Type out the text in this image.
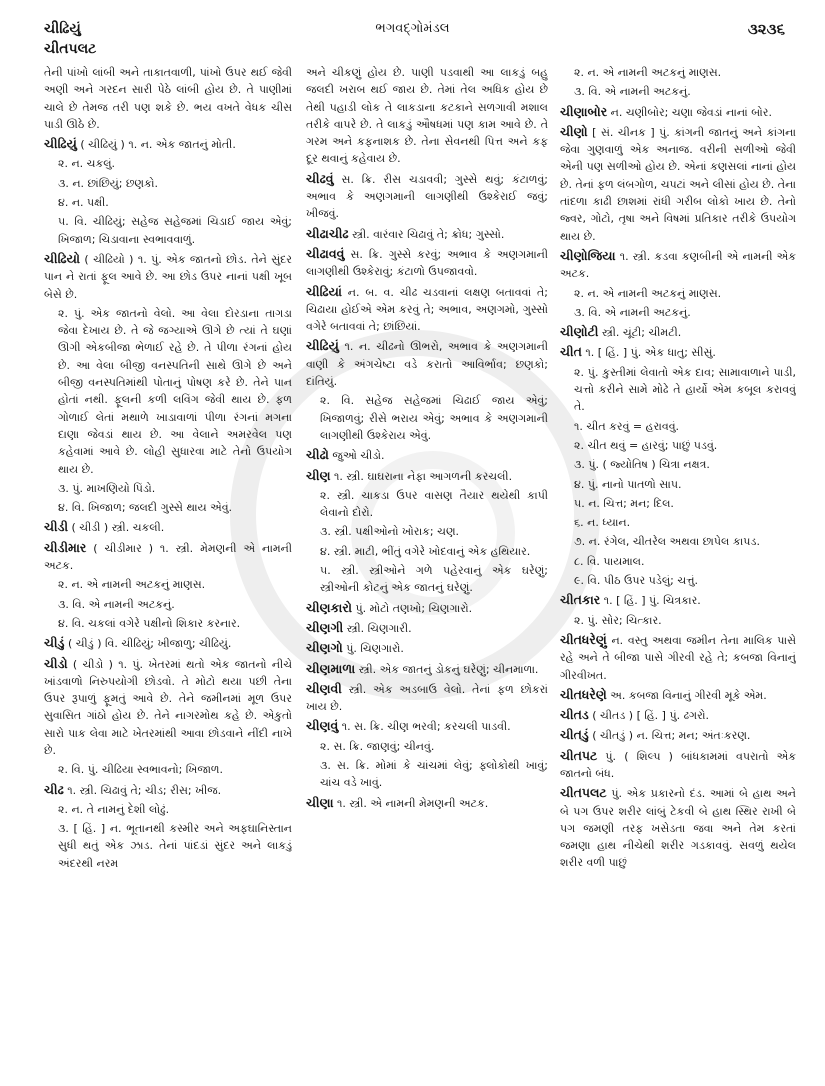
ચીઢિયું
ચીતપલટ
ભગવદ્ગોમંડલ	૩૨૩૬
તેની પાંખો લાંબી અને તાકાતવાળી, પાંખો ઉપર થઈ જેવી અણી અને ગરદન સારી પેઠે લાંબી હોય છે. તે પાણીમાં ચાલે છે તેમજ તરી પણ શકે છે. ભય વખતે વેધક ચીસ પાડી ઊઠે છે.
ચીઢિયું ( ચીઢિયું ) ૧. ન. એક જાતનું મોતી.
૨. ન. ચકલું.
૩. ન. છાંછિયું; છણકો.
૪. ન. પક્ષી.
૫. વિ. ચીઢિયું; સહેજ સહેજમાં ચિડાઈ જાય એવું; ખિજાળ; ચિડાવાના સ્વભાવવાળું.
ચીઢિયો ( ચીઢિયો ) ૧. પું. એક જાતનો છોડ. તેને સુંદર પાન ને રાતાં ફૂલ આવે છે. આ છોડ ઉપર નાનાં પક્ષી ખૂબ બેસે છે.
૨. પું. એક જાતનો વેલો. આ વેલા દોરડાના તાગડા જેવા દેખાય છે. તે જે જગ્યાએ ઊગે છે ત્યાં તે ઘણાં ઊગી એકબીજા ભેળાઈ રહે છે. તે પીળા રંગનાં હોય છે. આ વેલા બીજી વનસ્પતિની સાથે ઊગે છે અને બીજી વનસ્પતિમાંથી પોતાનું પોષણ કરે છે. તેને પાન હોતાં નથી. ફૂલની કળી લવિંગ જેવી થાય છે. ફળ ગોળાઈ લેતાં મથાળે ખાડાવાળાં પીળા રંગનાં મગના દાણા જેવડાં થાય છે. આ વેલાને અમરવેલ પણ કહેવામાં આવે છે. લોહી સુધારવા માટે તેનો ઉપયોગ થાય છે.
૩. પું. માખણિયો પિંડો.
૪. વિ. ખિજાળ; જલદી ગુસ્સે થાય એવું.
ચીડી ( ચીડી ) સ્ત્રી. ચકલી.
ચીડીમાર ( ચીડીમાર ) ૧. સ્ત્રી. મેમણની એ નામની અટક.
૨. ન. એ નામની અટકનું માણસ.
૩. વિ. એ નામની અટકનું.
૪. વિ. ચકલાં વગેરે પક્ષીનો શિકાર કરનાર.
ચીડું ( ચીડું ) વિ. ચીઢિયું; ખીજાળુ; ચીઢિયું.
ચીડો ( ચીડો ) ૧. પું. ખેતરમાં થતો એક જાતનો નીચે ખાંડવાળો નિરુપયોગી છોડવો. તે મોટો થયા પછી તેના ઉપર રૂપાળું ફૂમતું આવે છે. તેને જમીનમાં મૂળ ઉપર સુવાસિત ગાંઠો હોય છે. તેને નાગરમોથ કહે છે. એકુતો સારો પાક લેવા માટે ખેતરમાંથી આવા છોડવાને નીંદી નાખે છે.
૨. વિ. પું. ચીઢિયા સ્વભાવનો; ખિજાળ.
ચીઢ ૧. સ્ત્રી. ચિઢાવું તે; ચીડ; રીસ; ખીજ.
૨. ન. તે નામનું દેશી લોઢું.
૩. [ હિં. ] ન. ભૂતાનથી કસ્મીર અને અફઘાનિસ્તાન સુધી થતું એક ઝાડ. તેનાં પાંદડાં સુંદર અને લાકડું અંદરથી નરમ
અને ચીકણું હોય છે. પાણી પડવાથી આ લાકડું બહુ જલદી ખરાબ થઈ જાય છે. તેમાં તેલ અધિક હોય છે તેથી પહાડી લોક તે લાકડાના કટકાને સળગાવી મશાલ તરીકે વાપરે છે. તે લાકડું ઔષધમાં પણ કામ આવે છે. તે ગરમ અને કફનાશક છે. તેના સેવનથી પિત્ત અને કફ દૂર થવાનું કહેવાય છે.
ચીઢવું સ. ક્રિ. રીસ ચડાવવી; ગુસ્સે થવું; કંટાળવું; અભાવ કે અણગમાની લાગણીથી ઉશ્કેરાઈ જવું; ખીજવું.
ચીઢાચીઢ સ્ત્રી. વારંવાર ચિઢાવું તે; ક્રોધ; ગુસ્સો.
ચીઢાવવું સ. ક્રિ. ગુસ્સે કરવું; અભાવ કે અણગમાની લાગણીથી ઉશ્કેરાવું; કંટાળો ઉપજાવવો.
ચીઢિયાં ન. બ. વ. ચીઢ ચડવાનાં લક્ષણ બતાવવાં તે; ચિઢાયા હોઈએ એમ કરવું તે; અભાવ, અણગમો, ગુસ્સો વગેરે બતાવવાં તે; છાંછિયાં.
ચીઢિયું ૧. ન. ચીઢનો ઊભરો, અભાવ કે અણગમાની વાણી કે અંગચેષ્ટા વડે કરાતો આવિર્ભાવ; છણકો; દાંતિયું.
૨. વિ. સહેજ સહેજમાં ચિઢાઈ જાય એવું; ખિજાળવું; રીસે ભરાય એવું; અભાવ કે અણગમાની લાગણીથી ઉશ્કેરાય એવું.
ચીઢો જુઓ ચીડો.
ચીણ ૧. સ્ત્રી. ઘાઘરાના નેફા આગળની કરચલી.
૨. સ્ત્રી. ચાકડા ઉપર વાસણ તૈયાર થયેથી કાપી લેવાનો દોરો.
૩. સ્ત્રી. પક્ષીઓનો ખોરાક; ચણ.
૪. સ્ત્રી. માટી, ભીંતું વગેરે ખોદવાનું એક હથિયાર.
૫. સ્ત્રી. સ્ત્રીઓને ગળે પહેરવાનું એક ઘરેણું; સ્ત્રીઓની કોટનું એક જાતનું ઘરેણું.
ચીણકારો પું. મોટો તણખો; ચિણગારો.
ચીણગી સ્ત્રી. ચિણગારી.
ચીણગો પું. ચિણગારો.
ચીણમાળા સ્ત્રી. એક જાતનું ડોકનું ઘરેણું; ચીનમાળા.
ચીણવી સ્ત્રી. એક અડબાઉ વેલો. તેનાં ફળ છોકરાં ખાય છે.
ચીણવું ૧. સ. ક્રિ. ચીણ ભરવી; કરચલી પાડવી.
૨. સ. ક્રિ. જાણવું; ચીનવું.
૩. સ. ક્રિ. મોમાં કે ચાંચમાં લેવું; ફ્લોકોથી ખાવું; ચાંચ વડે ખાવું.
ચીણા ૧. સ્ત્રી. એ નામની મેમણની અટક.
૨. ન. એ નામની અટકનું માણસ.
૩. વિ. એ નામની અટકનું.
ચીણાબોર ન. ચણીબોર; ચણા જેવડાં નાનાં બોર.
ચીણો [ સં. ચીનક ] પું. કાંગની જાતનું અને કાંગના જેવા ગુણવાળું એક અનાજ. વરીની સળીઓ જેવી એની પણ સળીઓ હોય છે. એનાં કણસલાં નાનાં હોય છે. તેનાં ફળ લંબગોળ, ચપટાં અને લીસાં હોય છે. તેના તાંદળા કાઢી છાશમાં રાંધી ગરીબ લોકો ખાય છે. તેનો જ્વર, ગોટો, તૃષા અને વિષમાં પ્રતિકાર તરીકે ઉપયોગ થાય છે.
ચીણોજિયા ૧. સ્ત્રી. કડવા કણબીની એ નામની એક અટક.
૨. ન. એ નામની અટકનું માણસ.
૩. વિ. એ નામની અટકનું.
ચીણોટી સ્ત્રી. ચૂંટી; ચીમટી.
ચીત ૧. [ હિં. ] પું. એક ધાતુ; સીસું.
૨. પું. કુસ્તીમાં લેવાતો એક દાવ; સામાવાળાને પાડી, ચત્તો કરીને સામે મોઢે તે હાર્યો એમ કબૂલ કરાવવું તે.
૧. ચીત કરવું = હરાવવું.
૨. ચીત થવું = હારવું; પાછું પડવું.
૩. પું. ( જ્યોતિષ ) ચિત્રા નક્ષત્ર.
૪. પું. નાનો પાતળો સાપ.
૫. ન. ચિત્ત; મન; દિલ.
૬. ન. ધ્યાન.
૭. ન. રંગેલ, ચીતરેલ અથવા છાપેલ કાપડ.
૮. વિ. પાયમાલ.
૯. વિ. પીઠ ઉપર પડેલું; ચત્તું.
ચીતકાર ૧. [ હિં. ] પું. ચિત્રકાર.
૨. પું. સોર; ચિત્કાર.
ચીતધરેણું ન. વસ્તુ અથવા જમીન તેના માલિક પાસે રહે અને તે બીજા પાસે ગીરવી રહે તે; કબજા વિનાનું ગીરવીખત.
ચીતધરેણે અ. કબજા વિનાનું ગીરવી મૂકે એમ.
ચીતડ ( ચીતડ ) [ હિં. ] પું. ઢગરો.
ચીતડું ( ચીતડું ) ન. ચિત્ત; મન; અંતઃકરણ.
ચીતપટ પું. ( શિલ્પ ) બાંધકામમાં વપરાતો એક જાતનો બંધ.
ચીતપલટ પું. એક પ્રકારનો દંડ. આમાં બે હાથ અને બે પગ ઉપર શરીર લાંબું ટેકવી બે હાથ સ્થિર રાખી બે પગ જમણી તરફ ખસેડતા જવા અને તેમ કરતાં જમણા હાથ નીચેથી શરીર ગડકાવવું. સવળું થયેલ શરીર વળી પાછું
